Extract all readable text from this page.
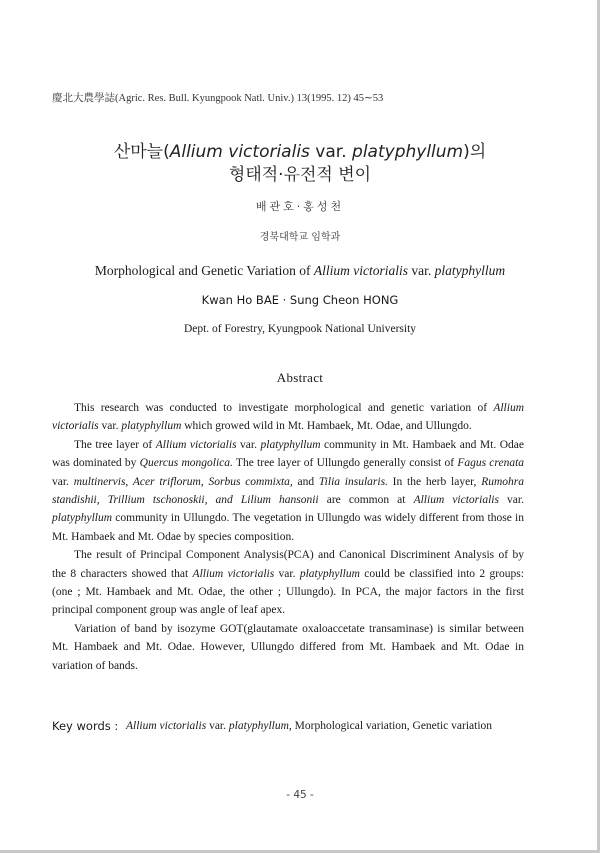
慶北大農學誌(Agric. Res. Bull. Kyungpook Natl. Univ.) 13(1995. 12) 45∼53
산마늘(Allium victorialis var. platyphyllum)의
형태적·유전적 변이
배관호·홍성천
경북대학교 임학과
Morphological and Genetic Variation of Allium victorialis var. platyphyllum
Kwan Ho BAE · Sung Cheon HONG
Dept. of Forestry, Kyungpook National University
Abstract

This research was conducted to investigate morphological and genetic variation of Allium victorialis var. platyphyllum which growed wild in Mt. Hambaek, Mt. Odae, and Ullungdo.

The tree layer of Allium victorialis var. platyphyllum community in Mt. Hambaek and Mt. Odae was dominated by Quercus mongolica. The tree layer of Ullungdo generally consist of Fagus crenata var. multinervis, Acer triflorum, Sorbus commixta, and Tilia insularis. In the herb layer, Rumohra standishii, Trillium tschonoskii, and Lilium hansonii are common at Allium victorialis var. platyphyllum community in Ullungdo. The vegetation in Ullungdo was widely different from those in Mt. Hambaek and Mt. Odae by species composition.

The result of Principal Component Analysis(PCA) and Canonical Discriminent Analysis of by the 8 characters showed that Allium victorialis var. platyphyllum could be classified into 2 groups: (one ; Mt. Hambaek and Mt. Odae, the other ; Ullungdo). In PCA, the major factors in the first principal component group was angle of leaf apex.

Variation of band by isozyme GOT(glautamate oxaloaccetate transaminase) is similar between Mt. Hambaek and Mt. Odae. However, Ullungdo differed from Mt. Hambaek and Mt. Odae in variation of bands.

Key words : Allium victorialis var. platyphyllum, Morphological variation, Genetic variation
- 45 -
